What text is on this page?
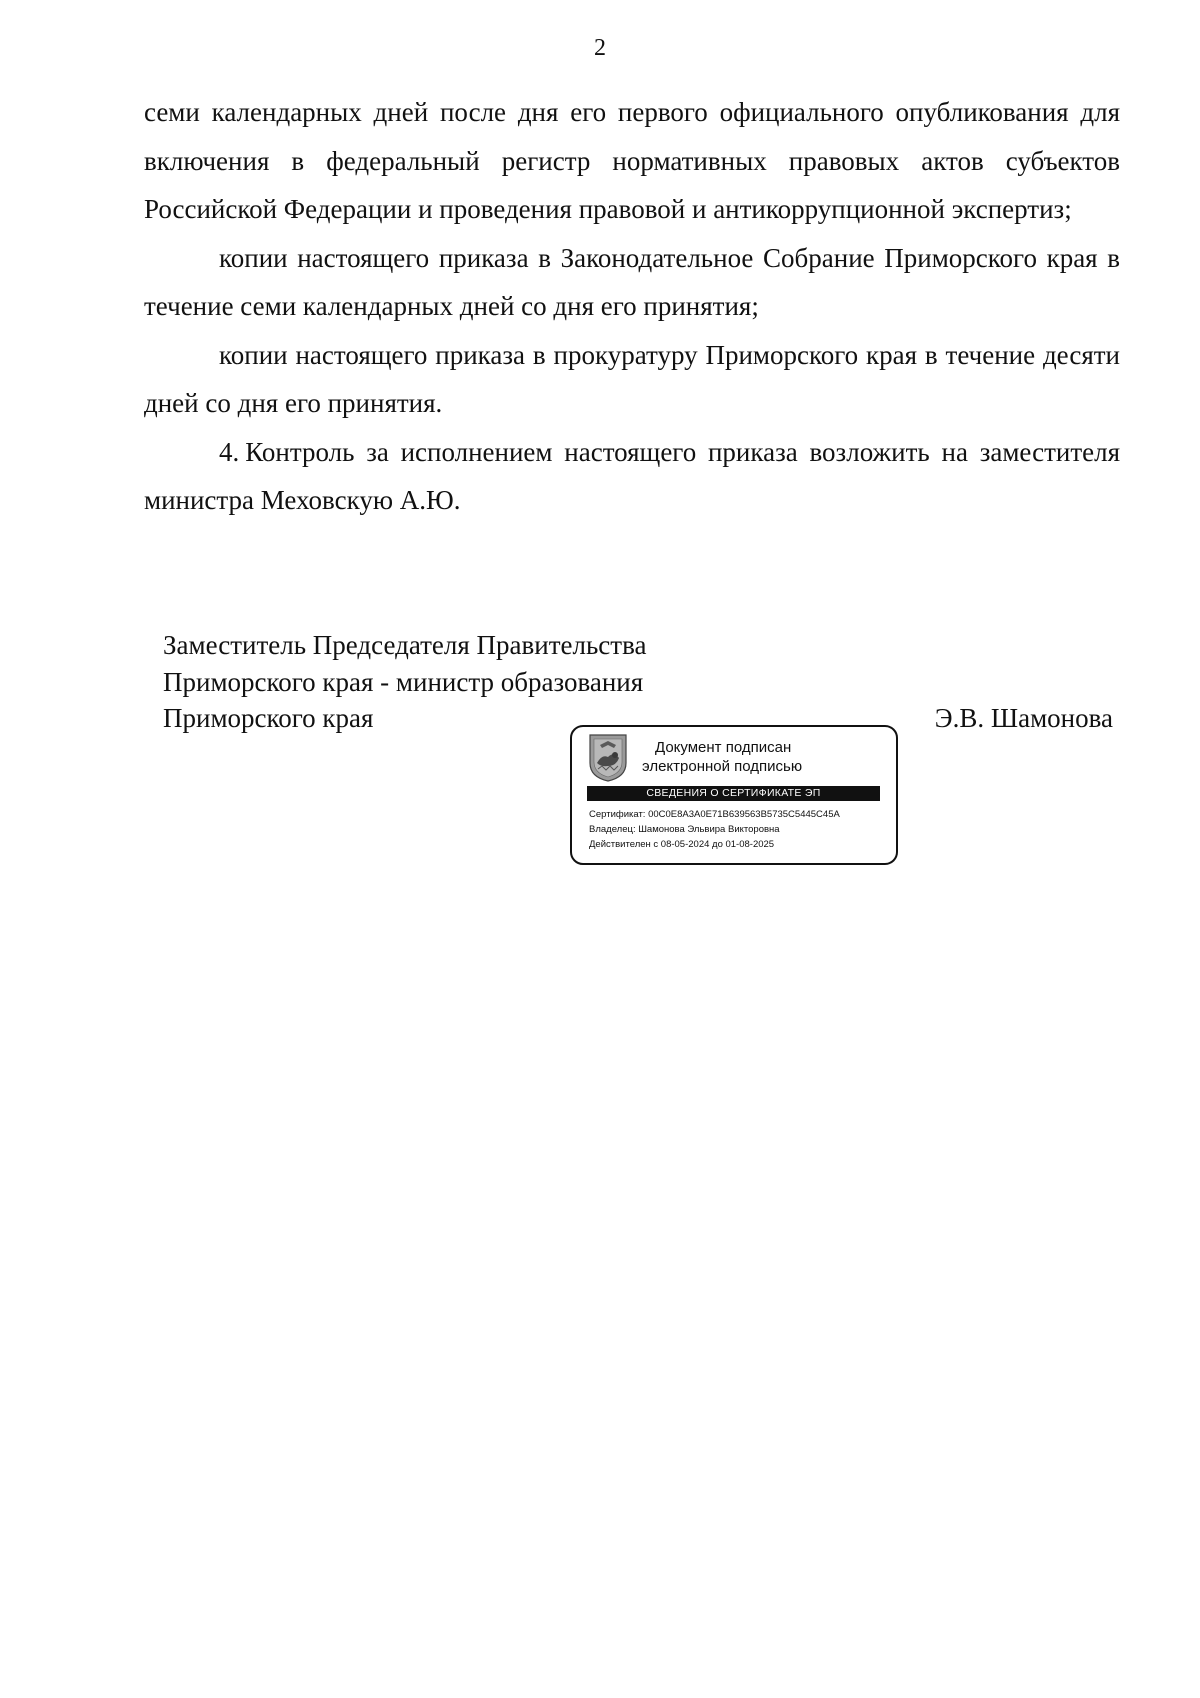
2

семи календарных дней после дня его первого официального опубликования для включения в федеральный регистр нормативных правовых актов субъектов Российской Федерации и проведения правовой и антикоррупционной экспертиз;

копии настоящего приказа в Законодательное Собрание Приморского края в течение семи календарных дней со дня его принятия;

копии настоящего приказа в прокуратуру Приморского края в течение десяти дней со дня его принятия.

4. Контроль за исполнением настоящего приказа возложить на заместителя министра Меховскую А.Ю.

Заместитель Председателя Правительства
Приморского края - министр образования
Приморского края	Э.В. Шамонова
Документ подписан
электронной подписью
СВЕДЕНИЯ О СЕРТИФИКАТЕ ЭП
Сертификат: 00C0E8A3A0E71B639563B5735C5445C45A
Владелец: Шамонова Эльвира Викторовна
Действителен с 08-05-2024 до 01-08-2025
